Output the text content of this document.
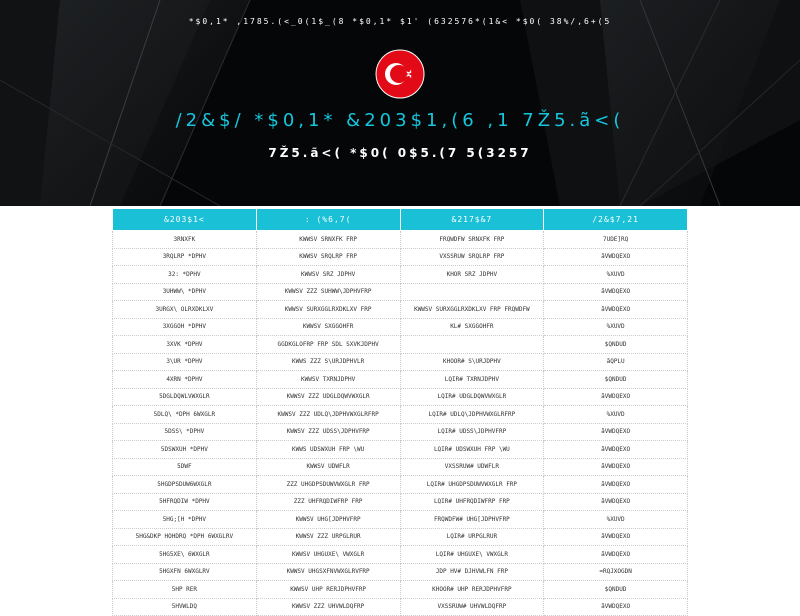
*$0,1* ,1785.(<_0(1$_(8 *$0,1* $1' (632576*(1&< *$0( 38%/,6+(5
/2&$/ *$0,1* &203$1,(6 ,1 7Ž5.ã<(
7Ž5.ã<( *$0( 0$5.(7 5(3257
&203$1<	: (%6,7(	&217$&7	/2&$7,21
3RNXFK	KWWSV SRNXFK FRP	FRQWDFW SRNXFK FRP	7UDE]RQ
3RQLRP *DPHV	KWWSV SRQLRP FRP	VXSSRUW SRQLRP FRP	ãVWDQEXO
32: *DPHV	KWWSV SRZ JDPHV	KHOR SRZ JDPHV	%XUVD
3UHWW\ *DPHV	KWWSV ZZZ SUHWW\JDPHVFRP		ãVWDQEXO
3URGX\ OLRXDKLXV	KWWSV SURXGGLRXDKLXV FRP	KWWSV SURXGGLRXDKLXV FRP FRQWDFW	ãVWDQEXO
3XGGOH *DPHV	KWWSV SXGGOHFR	KL# SXGGOHFR	%XUVD
3XVK *DPHV	GGDKGLOFRP FRP SDL SXVKJDPHV		$QNDUD
3\UR *DPHV	KWWS ZZZ S\URJDPHVLR	KHOOR# S\URJDPHV	ãQPLU
4XRN *DPHV	KWWSV TXRNJDPHV	LQIR# TXRNJDPHV	$QNDUD
5DGLDQWLVWXGLR	KWWSV ZZZ UDGLDQWVWXGLR	LQIR# UDGLDQWVWXGLR	ãVWDQEXO
5DLQ\ *DPH 6WXGLR	KWWSV ZZZ UDLQ\JDPHVWXGLRFRP	LQIR# UDLQ\JDPHVWXGLRFRP	%XUVD
5DSS\ *DPHV	KWWSV ZZZ UDSS\JDPHVFRP	LQIR# UDSS\JDPHVFRP	ãVWDQEXO
5DSWXUH *DPHV	KWWS UDSWXUH FRP \WU	LQIR# UDSWXUH FRP \WU	ãVWDQEXO
5DWF	KWWSV UDWFLR	VXSSRUW# UDWFLR	ãVWDQEXO
5HGDPSDUW6WXGLR	ZZZ UHGDPSDUWVWXGLR FRP	LQIR# UHGDPSDUWVWXGLR FRP	ãVWDQEXO
5HFRQDIW *DPHV	ZZZ UHFRQDIWFRP FRP	LQIR# UHFRQDIWFRP FRP	ãVWDQEXO
5HG;[H *DPHV	KWWSV UHG[JDPHVFRP	FRQWDFW# UHG[JDPHVFRP	%XUVD
5HG&DKP HOHDRQ *DPH 6WXGLRV	KWWSV ZZZ URPGLRUR	LQIR# URPGLRUR	ãVWDQEXO
5HG5XE\ 6WXGLR	KWWSV UHGUXE\ VWXGLR	LQIR# UHGUXE\ VWXGLR	ãVWDQEXO
5HGXFN 6WXGLRV	KWWSV UHGSXFNVWXGLRVFRP	JDP HV# DJHVWLFN FRP	=RQJXOGDN
5HP RER	KWWSV UHP RERJDPHVFRP	KHOOR# UHP RERJDPHVFRP	$QNDUD
5HVWLDQ	KWWSV ZZZ UHVWLDQFRP	VXSSRUW# UHVWLDQFRP	ãVWDQEXO
